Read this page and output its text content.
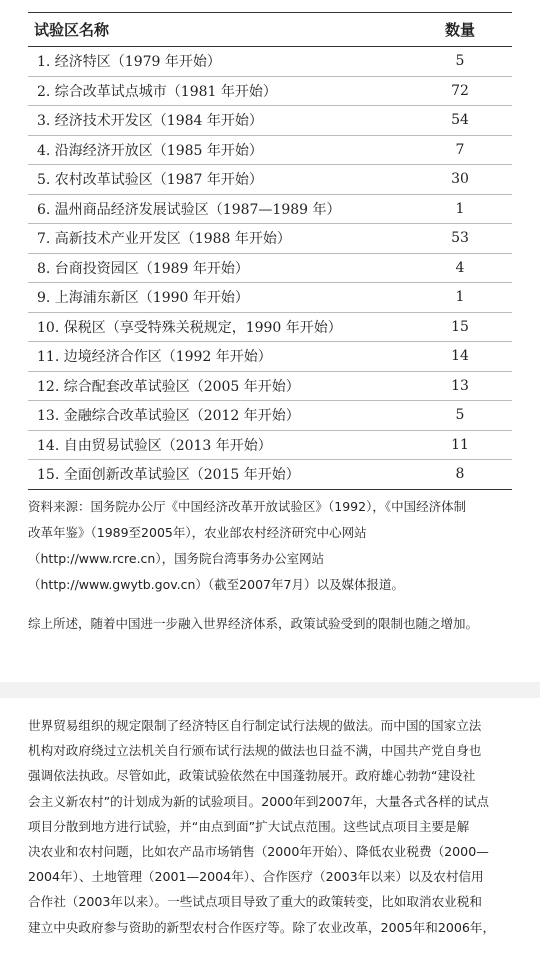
试验区名称	数量
1. 经济特区（1979 年开始）	5
2. 综合改革试点城市（1981 年开始）	72
3. 经济技术开发区（1984 年开始）	54
4. 沿海经济开放区（1985 年开始）	7
5. 农村改革试验区（1987 年开始）	30
6. 温州商品经济发展试验区（1987—1989 年）	1
7. 高新技术产业开发区（1988 年开始）	53
8. 台商投资园区（1989 年开始）	4
9. 上海浦东新区（1990 年开始）	1
10. 保税区（享受特殊关税规定，1990 年开始）	15
11. 边境经济合作区（1992 年开始）	14
12. 综合配套改革试验区（2005 年开始）	13
13. 金融综合改革试验区（2012 年开始）	5
14. 自由贸易试验区（2013 年开始）	11
15. 全面创新改革试验区（2015 年开始）	8

资料来源：国务院办公厅《中国经济改革开放试验区》（1992），《中国经济体制

改革年鉴》（1989至2005年），农业部农村经济研究中心网站

（http://www.rcre.cn），国务院台湾事务办公室网站

（http://www.gwytb.gov.cn）（截至2007年7月）以及媒体报道。

综上所述，随着中国进一步融入世界经济体系，政策试验受到的限制也随之增加。

世界贸易组织的规定限制了经济特区自行制定试行法规的做法。而中国的国家立法

机构对政府绕过立法机关自行颁布试行法规的做法也日益不满，中国共产党自身也

强调依法执政。尽管如此，政策试验依然在中国蓬勃展开。政府雄心勃勃“建设社

会主义新农村”的计划成为新的试验项目。2000年到2007年，大量各式各样的试点

项目分散到地方进行试验，并“由点到面”扩大试点范围。这些试点项目主要是解

决农业和农村问题，比如农产品市场销售（2000年开始）、降低农业税费（2000—

2004年）、土地管理（2001—2004年）、合作医疗（2003年以来）以及农村信用

合作社（2003年以来）。一些试点项目导致了重大的政策转变，比如取消农业税和

建立中央政府参与资助的新型农村合作医疗等。除了农业改革，2005年和2006年，
